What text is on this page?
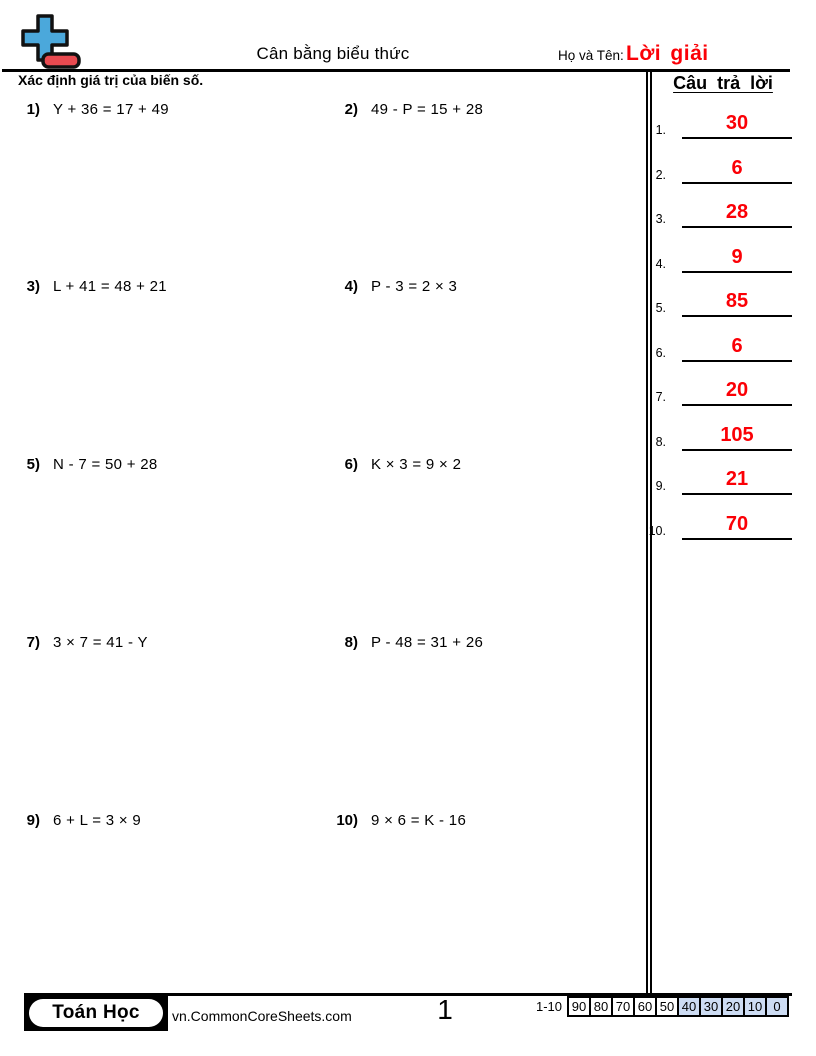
Cân bằng biểu thức	Họ và Tên: Lời giải
Xác định giá trị của biến số.
1) Y + 36 = 17 + 49	2) 49 - P = 15 + 28
3) L + 41 = 48 + 21	4) P - 3 = 2 × 3
5) N - 7 = 50 + 28	6) K × 3 = 9 × 2
7) 3 × 7 = 41 - Y	8) P - 48 = 31 + 26
9) 6 + L = 3 × 9	10) 9 × 6 = K - 16
Câu trả lời
1.	30
2.	6
3.	28
4.	9
5.	85
6.	6
7.	20
8.	105
9.	21
10.	70
Toán Học	vn.CommonCoreSheets.com	1	1-10 90 80 70 60 50 40 30 20 10 0
